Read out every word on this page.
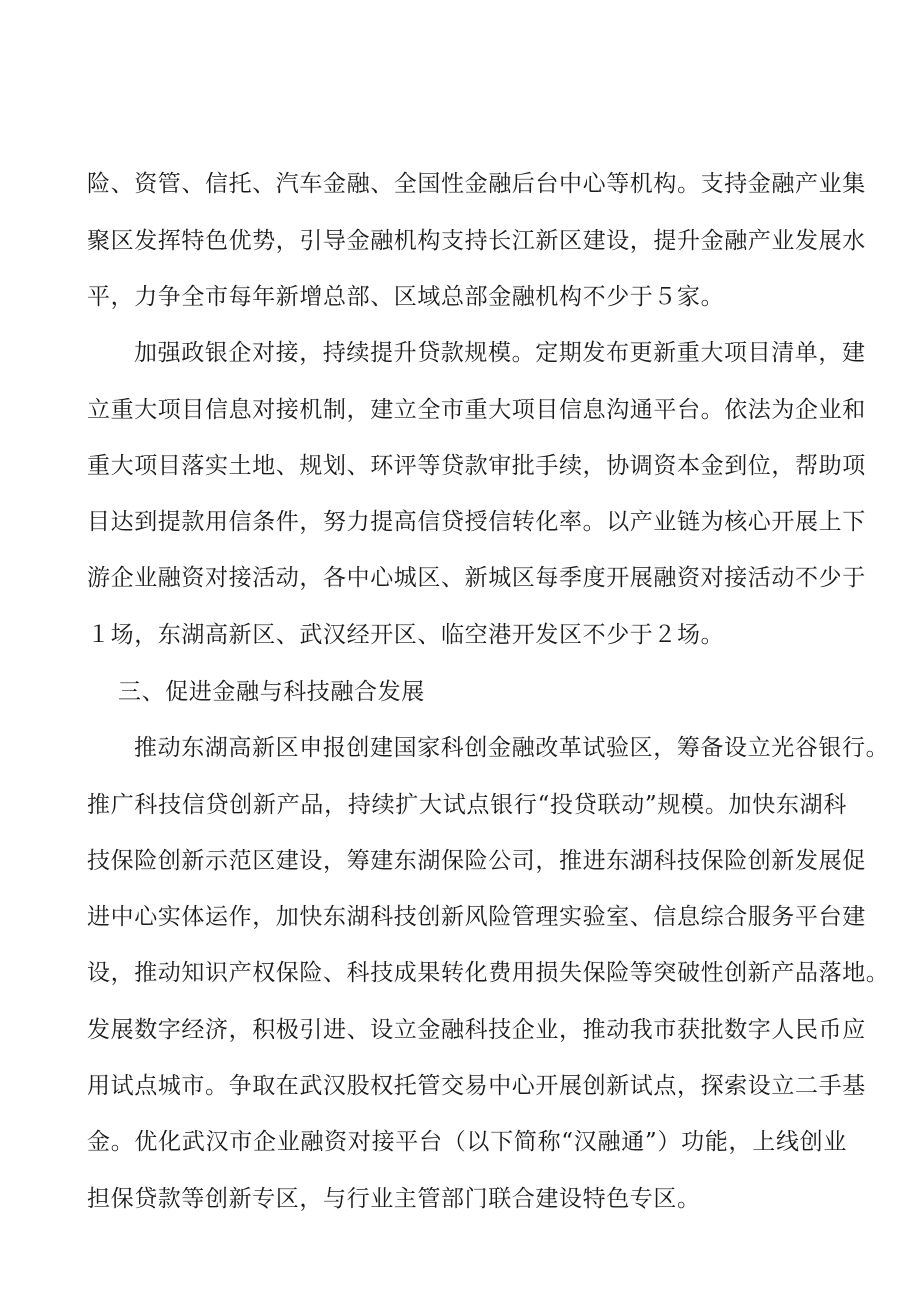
险、资管、信托、汽车金融、全国性金融后台中心等机构。支持金融产业集
聚区发挥特色优势，引导金融机构支持长江新区建设，提升金融产业发展水
平，力争全市每年新增总部、区域总部金融机构不少于５家。
加强政银企对接，持续提升贷款规模。定期发布更新重大项目清单，建
立重大项目信息对接机制，建立全市重大项目信息沟通平台。依法为企业和
重大项目落实土地、规划、环评等贷款审批手续，协调资本金到位，帮助项
目达到提款用信条件，努力提高信贷授信转化率。以产业链为核心开展上下
游企业融资对接活动，各中心城区、新城区每季度开展融资对接活动不少于
１场，东湖高新区、武汉经开区、临空港开发区不少于２场。
三、促进金融与科技融合发展
推动东湖高新区申报创建国家科创金融改革试验区，筹备设立光谷银行。
推广科技信贷创新产品，持续扩大试点银行“投贷联动”规模。加快东湖科
技保险创新示范区建设，筹建东湖保险公司，推进东湖科技保险创新发展促
进中心实体运作，加快东湖科技创新风险管理实验室、信息综合服务平台建
设，推动知识产权保险、科技成果转化费用损失保险等突破性创新产品落地。
发展数字经济，积极引进、设立金融科技企业，推动我市获批数字人民币应
用试点城市。争取在武汉股权托管交易中心开展创新试点，探索设立二手基
金。优化武汉市企业融资对接平台（以下简称“汉融通”）功能，上线创业
担保贷款等创新专区，与行业主管部门联合建设特色专区。
